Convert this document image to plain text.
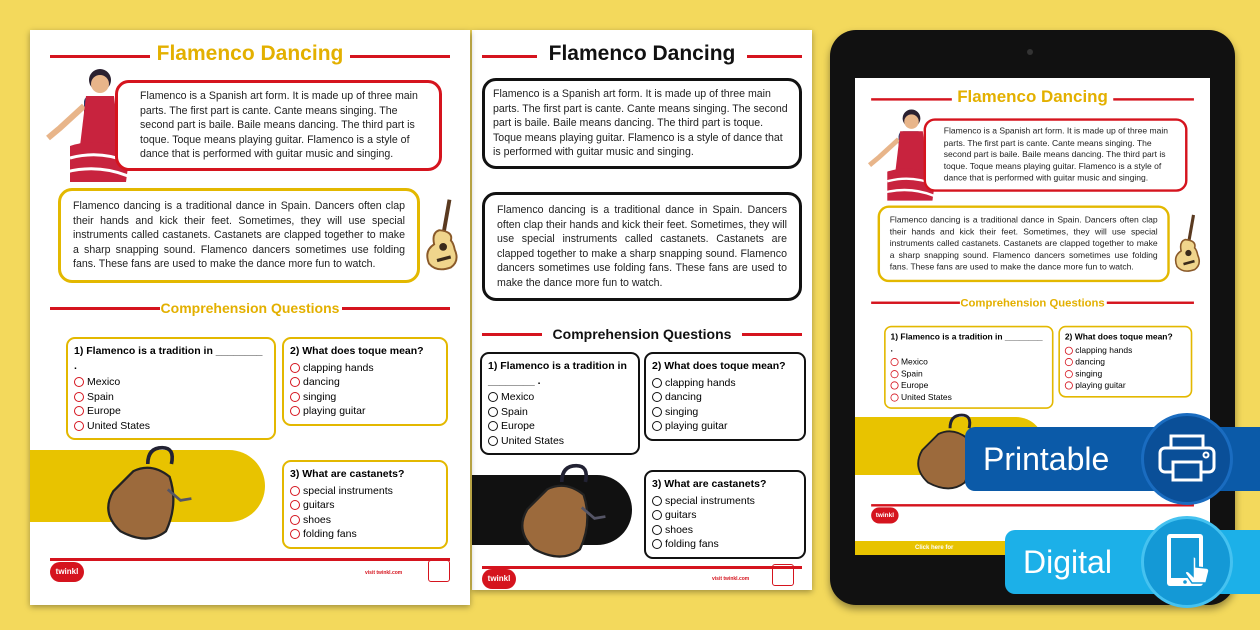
Flamenco Dancing
Flamenco is a Spanish art form. It is made up of three main parts. The first part is cante. Cante means singing. The second part is baile. Baile means dancing. The third part is toque. Toque means playing guitar. Flamenco is a style of dance that is performed with guitar music and singing.
Flamenco dancing is a traditional dance in Spain. Dancers often clap their hands and kick their feet. Sometimes, they will use special instruments called castanets. Castanets are clapped together to make a sharp snapping sound. Flamenco dancers sometimes use folding fans. These fans are used to make the dance more fun to watch.
Comprehension Questions
1) Flamenco is a tradition in ________ .
Mexico
Spain
Europe
United States
2) What does toque mean?
clapping hands
dancing
singing
playing guitar
3) What are castanets?
special instruments
guitars
shoes
folding fans
twinkl	visit twinkl.com
Flamenco Dancing
Flamenco is a Spanish art form. It is made up of three main parts. The first part is cante. Cante means singing. The second part is baile. Baile means dancing. The third part is toque. Toque means playing guitar. Flamenco is a style of dance that is performed with guitar music and singing.
Flamenco dancing is a traditional dance in Spain. Dancers often clap their hands and kick their feet. Sometimes, they will use special instruments called castanets. Castanets are clapped together to make a sharp snapping sound. Flamenco dancers sometimes use folding fans. These fans are used to make the dance more fun to watch.
Comprehension Questions
1) Flamenco is a tradition in ________ .
Mexico
Spain
Europe
United States
2) What does toque mean?
clapping hands
dancing
singing
playing guitar
3) What are castanets?
special instruments
guitars
shoes
folding fans
twinkl	visit twinkl.com
Flamenco Dancing
Flamenco is a Spanish art form. It is made up of three main parts. The first part is cante. Cante means singing. The second part is baile. Baile means dancing. The third part is toque. Toque means playing guitar. Flamenco is a style of dance that is performed with guitar music and singing.
Flamenco dancing is a traditional dance in Spain. Dancers often clap their hands and kick their feet. Sometimes, they will use special instruments called castanets. Castanets are clapped together to make a sharp snapping sound. Flamenco dancers sometimes use folding fans. These fans are used to make the dance more fun to watch.
Comprehension Questions
1) Flamenco is a tradition in ________ .
Mexico
Spain
Europe
United States
2) What does toque mean?
clapping hands
dancing
singing
playing guitar
twinkl
Click here for
Printable
Digital
